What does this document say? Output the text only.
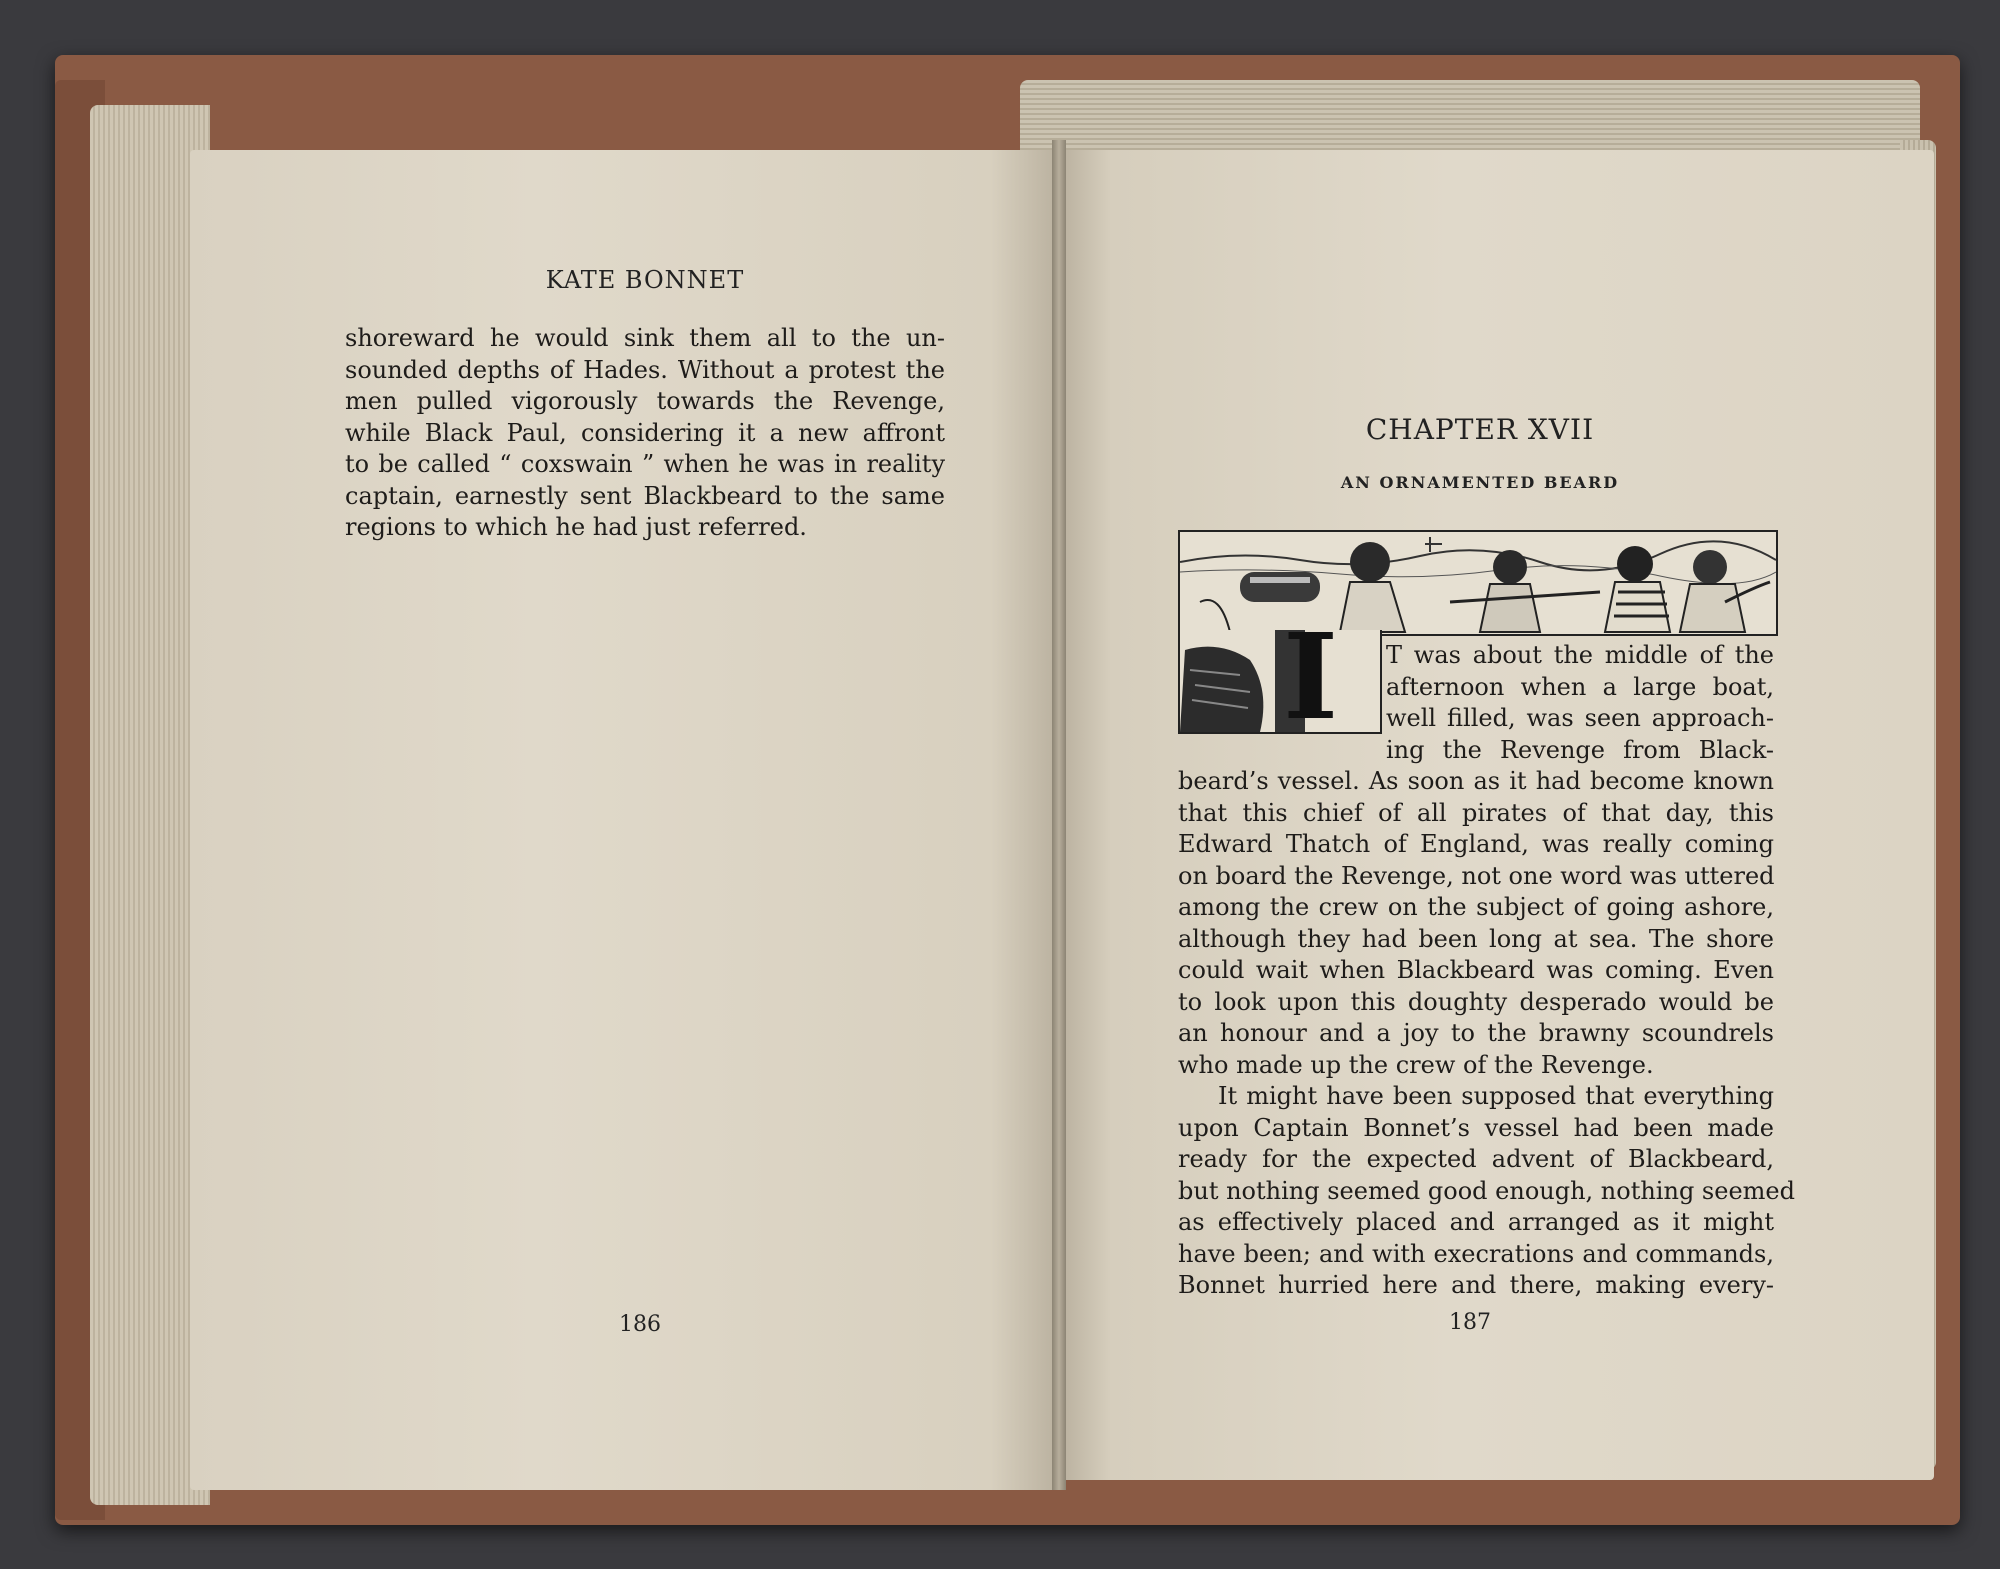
KATE BONNET
shoreward he would sink them all to the un-
sounded depths of Hades. Without a protest the
men pulled vigorously towards the Revenge,
while Black Paul, considering it a new affront
to be called “ coxswain ” when he was in reality
captain, earnestly sent Blackbeard to the same
regions to which he had just referred.
186
CHAPTER XVII
AN ORNAMENTED BEARD
I T was about the middle of the
afternoon when a large boat,
well filled, was seen approach-
ing the Revenge from Black-
beard’s vessel. As soon as it had become known
that this chief of all pirates of that day, this
Edward Thatch of England, was really coming
on board the Revenge, not one word was uttered
among the crew on the subject of going ashore,
although they had been long at sea. The shore
could wait when Blackbeard was coming. Even
to look upon this doughty desperado would be
an honour and a joy to the brawny scoundrels
who made up the crew of the Revenge.
It might have been supposed that everything
upon Captain Bonnet’s vessel had been made
ready for the expected advent of Blackbeard,
but nothing seemed good enough, nothing seemed
as effectively placed and arranged as it might
have been; and with execrations and commands,
Bonnet hurried here and there, making every-
187
